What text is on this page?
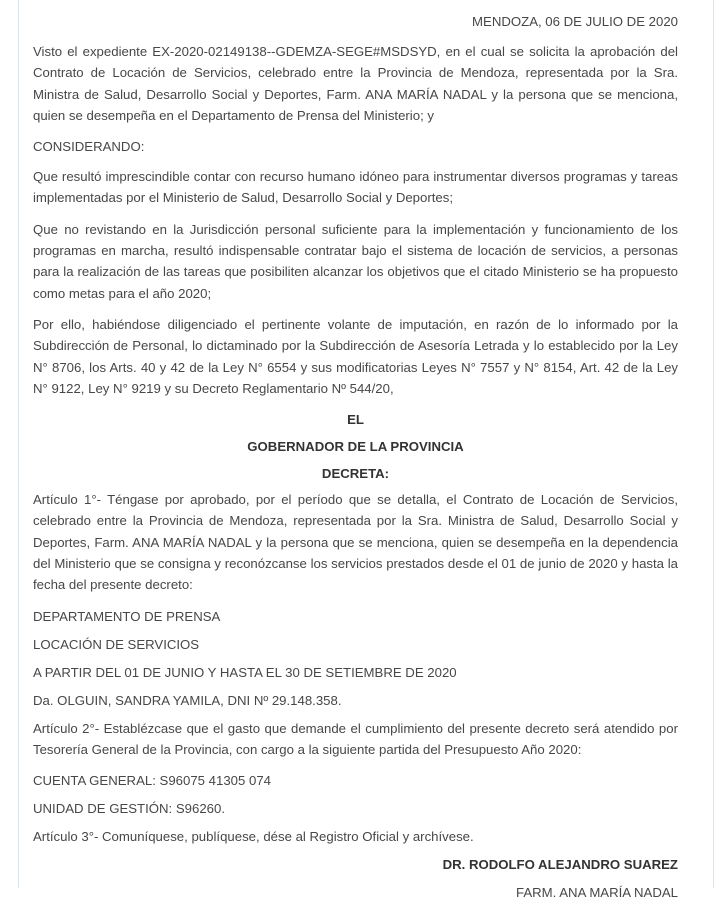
MENDOZA, 06 DE JULIO DE 2020
Visto el expediente EX-2020-02149138--GDEMZA-SEGE#MSDSYD, en el cual se solicita la aprobación del Contrato de Locación de Servicios, celebrado entre la Provincia de Mendoza, representada por la Sra. Ministra de Salud, Desarrollo Social y Deportes, Farm. ANA MARÍA NADAL y la persona que se menciona, quien se desempeña en el Departamento de Prensa del Ministerio; y
CONSIDERANDO:
Que resultó imprescindible contar con recurso humano idóneo para instrumentar diversos programas y tareas implementadas por el Ministerio de Salud, Desarrollo Social y Deportes;
Que no revistando en la Jurisdicción personal suficiente para la implementación y funcionamiento de los programas en marcha, resultó indispensable contratar bajo el sistema de locación de servicios, a personas para la realización de las tareas que posibiliten alcanzar los objetivos que el citado Ministerio se ha propuesto como metas para el año 2020;
Por ello, habiéndose diligenciado el pertinente volante de imputación, en razón de lo informado por la Subdirección de Personal, lo dictaminado por la Subdirección de Asesoría Letrada y lo establecido por la Ley N° 8706, los Arts. 40 y 42 de la Ley N° 6554 y sus modificatorias Leyes N° 7557 y N° 8154, Art. 42 de la Ley N° 9122, Ley N° 9219 y su Decreto Reglamentario Nº 544/20,
EL
GOBERNADOR DE LA PROVINCIA
DECRETA:
Artículo 1°- Téngase por aprobado, por el período que se detalla, el Contrato de Locación de Servicios, celebrado entre la Provincia de Mendoza, representada por la Sra. Ministra de Salud, Desarrollo Social y Deportes, Farm. ANA MARÍA NADAL y la persona que se menciona, quien se desempeña en la dependencia del Ministerio que se consigna y reconózcanse los servicios prestados desde el 01 de junio de 2020 y hasta la fecha del presente decreto:
DEPARTAMENTO DE PRENSA
LOCACIÓN DE SERVICIOS
A PARTIR DEL 01 DE JUNIO Y HASTA EL 30 DE SETIEMBRE DE 2020
Da. OLGUIN, SANDRA YAMILA, DNI Nº 29.148.358.
Artículo 2°- Establézcase que el gasto que demande el cumplimiento del presente decreto será atendido por Tesorería General de la Provincia, con cargo a la siguiente partida del Presupuesto Año 2020:
CUENTA GENERAL: S96075 41305 074
UNIDAD DE GESTIÓN: S96260.
Artículo 3°- Comuníquese, publíquese, dése al Registro Oficial y archívese.
DR. RODOLFO ALEJANDRO SUAREZ
FARM. ANA MARÍA NADAL
